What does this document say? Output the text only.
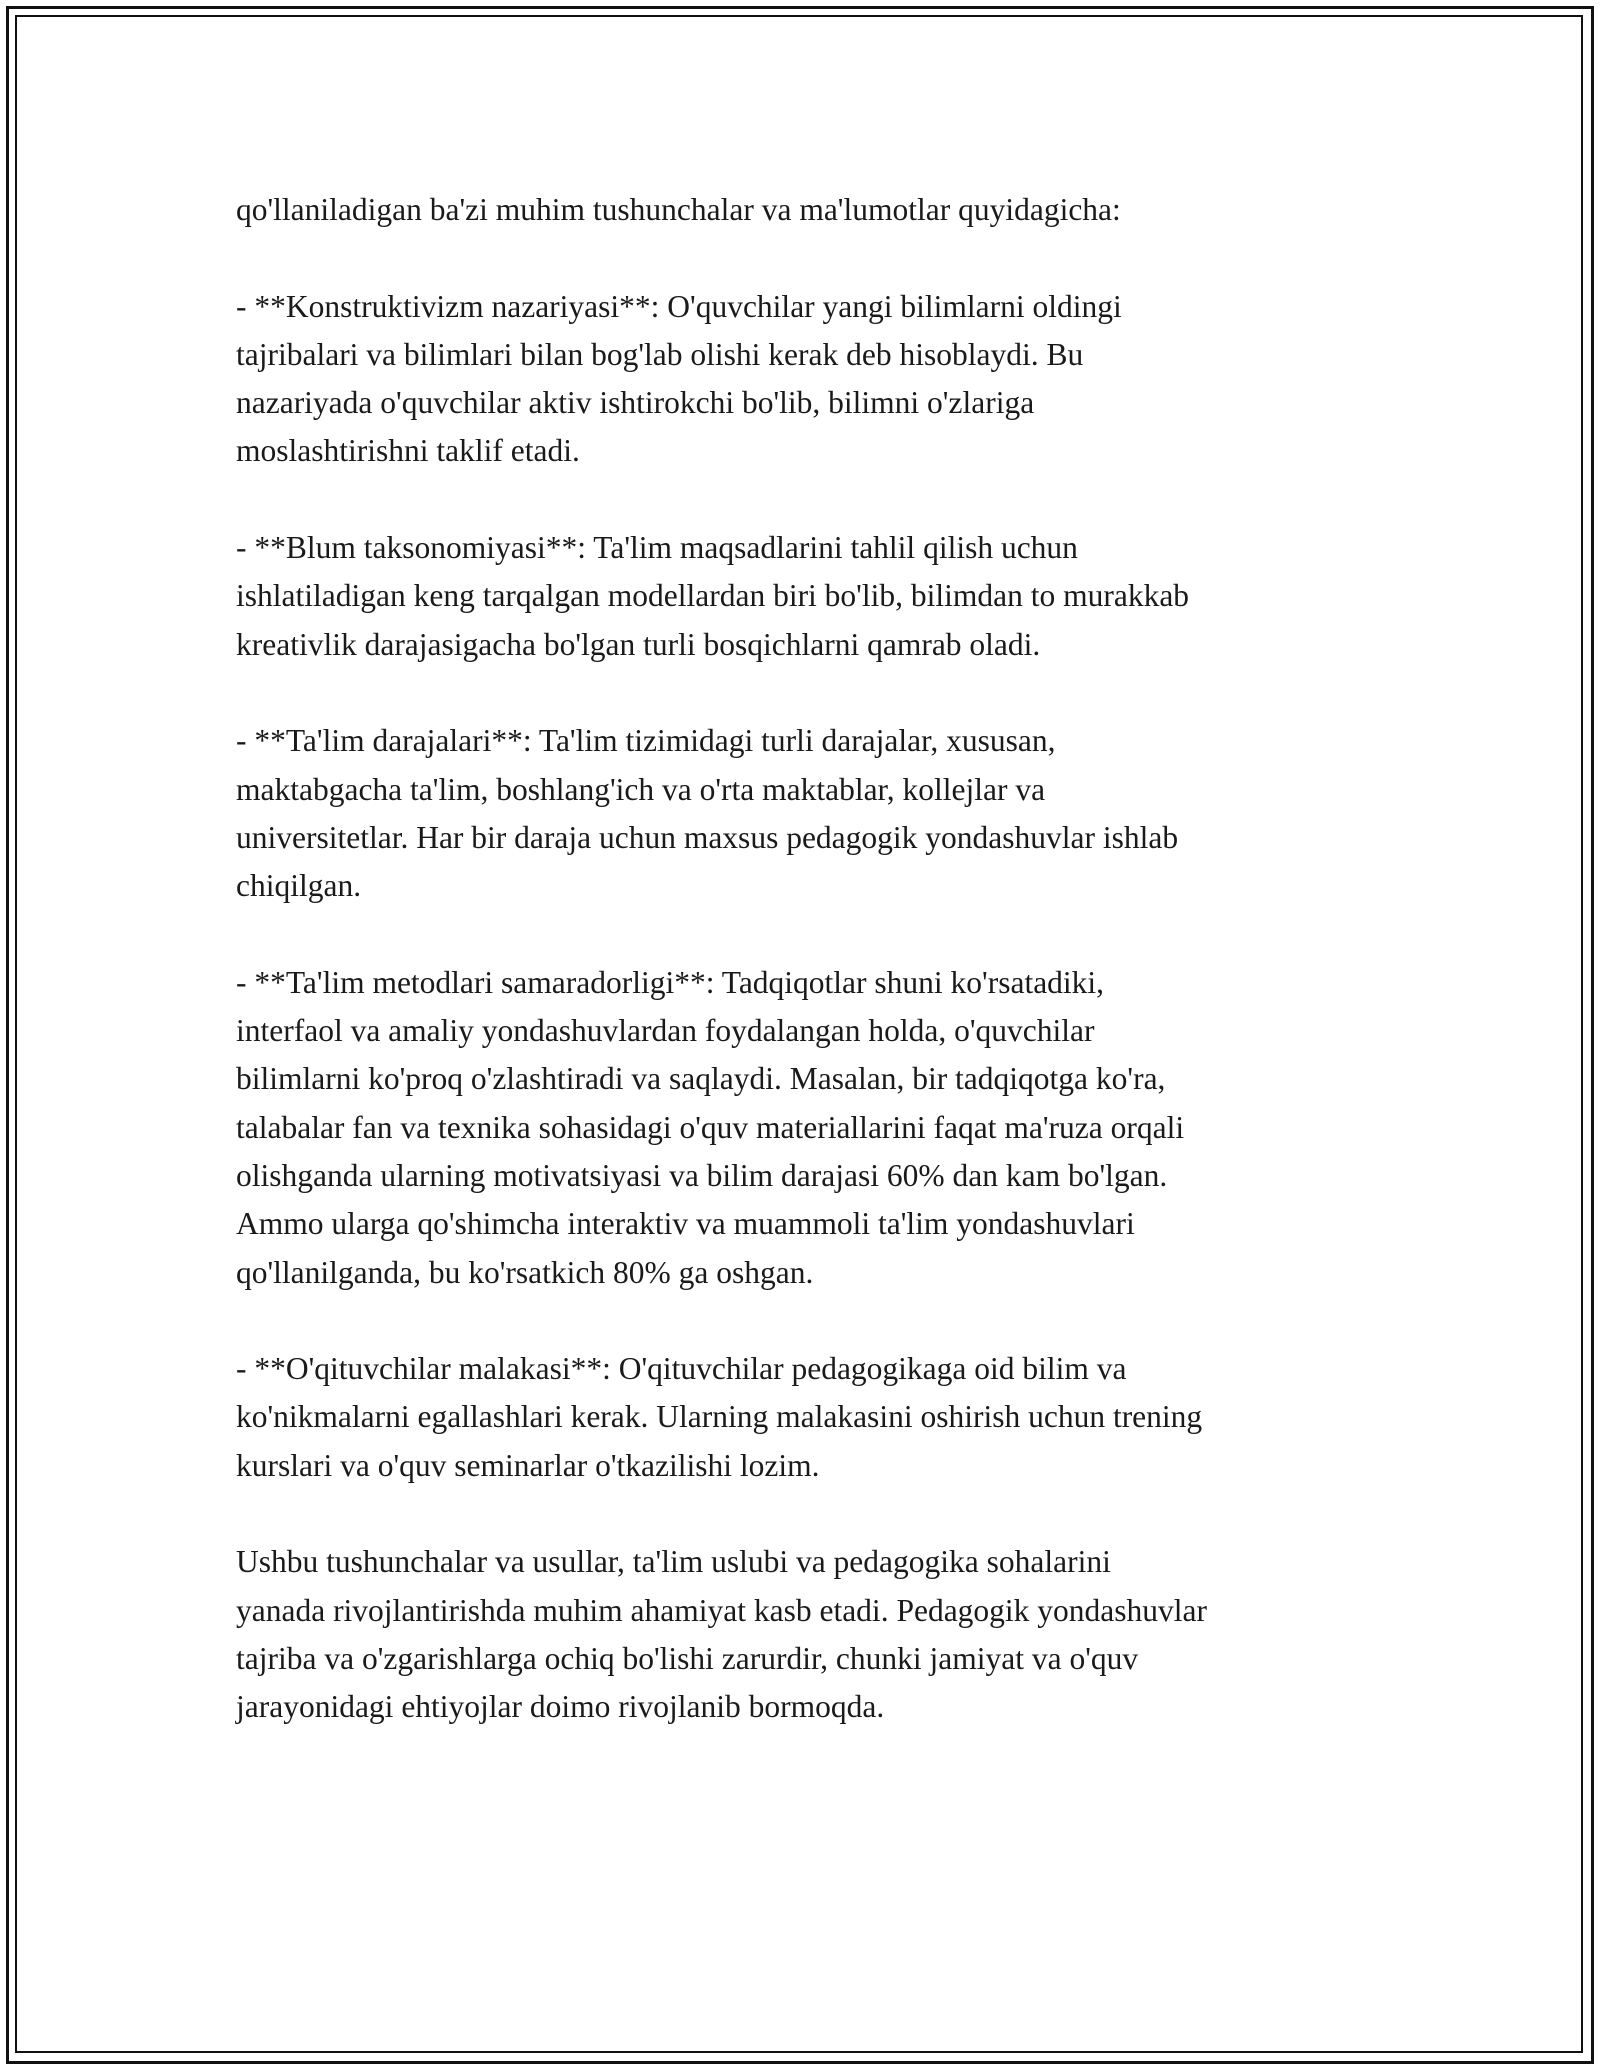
qo'llaniladigan ba'zi muhim tushunchalar va ma'lumotlar quyidagicha:

- **Konstruktivizm nazariyasi**: O'quvchilar yangi bilimlarni oldingi
tajribalari va bilimlari bilan bog'lab olishi kerak deb hisoblaydi. Bu
nazariyada o'quvchilar aktiv ishtirokchi bo'lib, bilimni o'zlariga
moslashtirishni taklif etadi.

- **Blum taksonomiyasi**: Ta'lim maqsadlarini tahlil qilish uchun
ishlatiladigan keng tarqalgan modellardan biri bo'lib, bilimdan to murakkab
kreativlik darajasigacha bo'lgan turli bosqichlarni qamrab oladi.

- **Ta'lim darajalari**: Ta'lim tizimidagi turli darajalar, xususan,
maktabgacha ta'lim, boshlang'ich va o'rta maktablar, kollejlar va
universitetlar. Har bir daraja uchun maxsus pedagogik yondashuvlar ishlab
chiqilgan.

- **Ta'lim metodlari samaradorligi**: Tadqiqotlar shuni ko'rsatadiki,
interfaol va amaliy yondashuvlardan foydalangan holda, o'quvchilar
bilimlarni ko'proq o'zlashtiradi va saqlaydi. Masalan, bir tadqiqotga ko'ra,
talabalar fan va texnika sohasidagi o'quv materiallarini faqat ma'ruza orqali
olishganda ularning motivatsiyasi va bilim darajasi 60% dan kam bo'lgan.
Ammo ularga qo'shimcha interaktiv va muammoli ta'lim yondashuvlari
qo'llanilganda, bu ko'rsatkich 80% ga oshgan.

- **O'qituvchilar malakasi**: O'qituvchilar pedagogikaga oid bilim va
ko'nikmalarni egallashlari kerak. Ularning malakasini oshirish uchun trening
kurslari va o'quv seminarlar o'tkazilishi lozim.

Ushbu tushunchalar va usullar, ta'lim uslubi va pedagogika sohalarini
yanada rivojlantirishda muhim ahamiyat kasb etadi. Pedagogik yondashuvlar
tajriba va o'zgarishlarga ochiq bo'lishi zarurdir, chunki jamiyat va o'quv
jarayonidagi ehtiyojlar doimo rivojlanib bormoqda.
